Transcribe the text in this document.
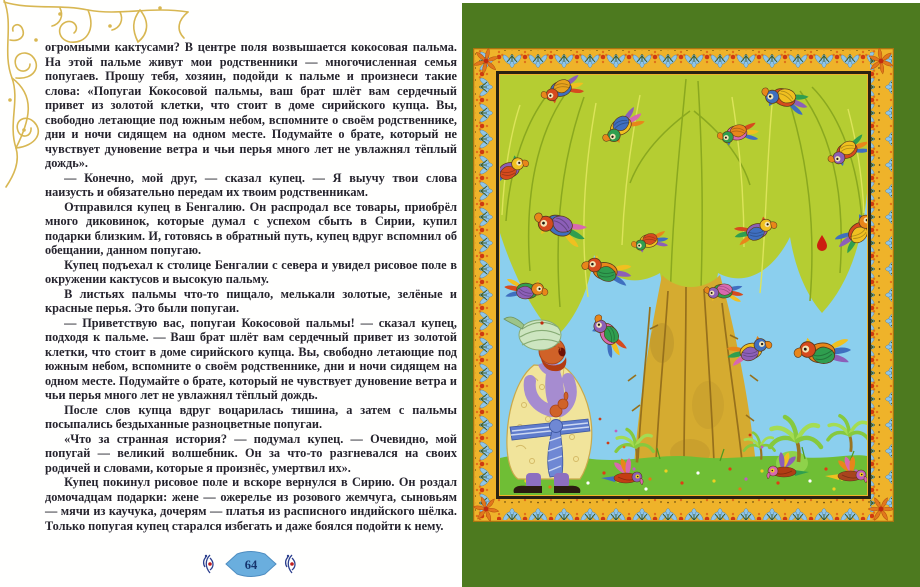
огромными кактусами? В центре поля возвышается кокосовая пальма. На этой пальме живут мои родственники — многочисленная семья попугаев. Прошу тебя, хозяин, подойди к пальме и произнеси такие слова: «Попугаи Кокосовой пальмы, ваш брат шлёт вам сердечный привет из золотой клетки, что стоит в доме сирийского купца. Вы, свободно летающие под южным небом, вспомните о своём родственнике, дни и ночи сидящем на одном месте. Подумайте о брате, который не чувствует дуновение ветра и чьи перья много лет не увлажнял тёплый дождь».

— Конечно, мой друг, — сказал купец. — Я выучу твои слова наизусть и обязательно передам их твоим родственникам.

Отправился купец в Бенгалию. Он распродал все товары, приобрёл много диковинок, которые думал с успехом сбыть в Сирии, купил подарки близким. И, готовясь в обратный путь, купец вдруг вспомнил об обещании, данном попугаю.

Купец подъехал к столице Бенгалии с севера и увидел рисовое поле в окружении кактусов и высокую пальму.

В листьях пальмы что-то пищало, мелькали золотые, зелёные и красные перья. Это были попугаи.

— Приветствую вас, попугаи Кокосовой пальмы! — сказал купец, подходя к пальме. — Ваш брат шлёт вам сердечный привет из золотой клетки, что стоит в доме сирийского купца. Вы, свободно летающие под южным небом, вспомните о своём родственнике, дни и ночи сидящем на одном месте. Подумайте о брате, который не чувствует дуновение ветра и чьи перья много лет не увлажнял тёплый дождь.

После слов купца вдруг воцарилась тишина, а затем с пальмы посыпались бездыханные разноцветные попугаи.

«Что за странная история? — подумал купец. — Очевидно, мой попугай — великий волшебник. Он за что-то разгневался на своих родичей и словами, которые я произнёс, умертвил их».

Купец покинул рисовое поле и вскоре вернулся в Сирию. Он роздал домочадцам подарки: жене — ожерелье из розового жемчуга, сыновьям — мячи из каучука, дочерям — платья из расписного индийского шёлка. Только попугая купец старался избегать и даже боялся подойти к нему.

64
